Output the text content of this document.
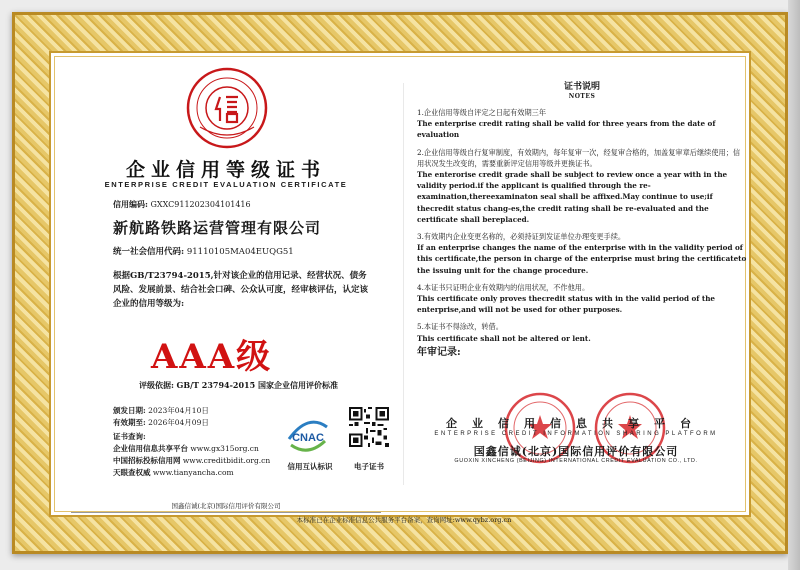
企业信用等级证书
ENTERPRISE CREDIT EVALUATION CERTIFICATE
信用编码: GXXC911202304101416
新航路铁路运营管理有限公司
统一社会信用代码: 91110105MA04EUQG51
根据GB/T23794-2015,针对该企业的信用记录、经营状况、债务风险、发展前景、结合社会口碑、公众认可度，经审核评估，认定该企业的信用等级为:
AAA级
评级依据: GB/T 23794-2015 国家企业信用评价标准
颁发日期: 2023年04月10日
有效期至: 2026年04月09日
证书查询:
企业信用信息共享平台 www.gx315org.cn
中国招标投标信用网 www.creditbidit.org.cn
天眼查权威 www.tianyancha.com
CNAC
信用互认标识	电子证书
国鑫信诚(北京)国际信用评价有限公司
本标准已在企业标准信息公共服务平台备案，查询网址:www.qybz.org.cn
证书说明
NOTES
1.企业信用等级自评定之日起有效期三年
The enterprise credit rating shall be valid for three years from the date of evaluation
2.企业信用等级自行复审制度，有效期内，每年复审一次，经复审合格的，加盖复审章后继续使用；信用状况发生改变的，需要重新评定信用等级并更换证书。
The enterorise credit grade shall be subject to review once a year with in the validity period.if the applicant is qualified through the re-examination,thereexaminaton seal shall be affixed.May continue to use;if thecredit status chang-es,the credit rating shall be re-evaluated and the certificate shall bereplaced.
3.有效期内企业变更名称的，必须持证到发证单位办理变更手续。
If an enterprise changes the name of the enterprise with in the validity period of this certificate,the person in charge of the enterprise must bring the certificateto the issuing unit for the change procedure.
4.本证书只证明企业有效期内的信用状况，不作他用。
This certificate only proves thecredit status with in the valid period of the enterprise,and will not be used for other purposes.
5.本证书不得涂改，转借。
This certificate shall not be altered or lent.
年审记录:
企业信用信息共享平台
ENTERPRISE CREDIT INFORMATION SHARING PLATFORM
国鑫信诚(北京)国际信用评价有限公司
GUOXIN XINCHENG (BEIJING) INTERNATIONAL CREDIT EVALUATION CO., LTD.
